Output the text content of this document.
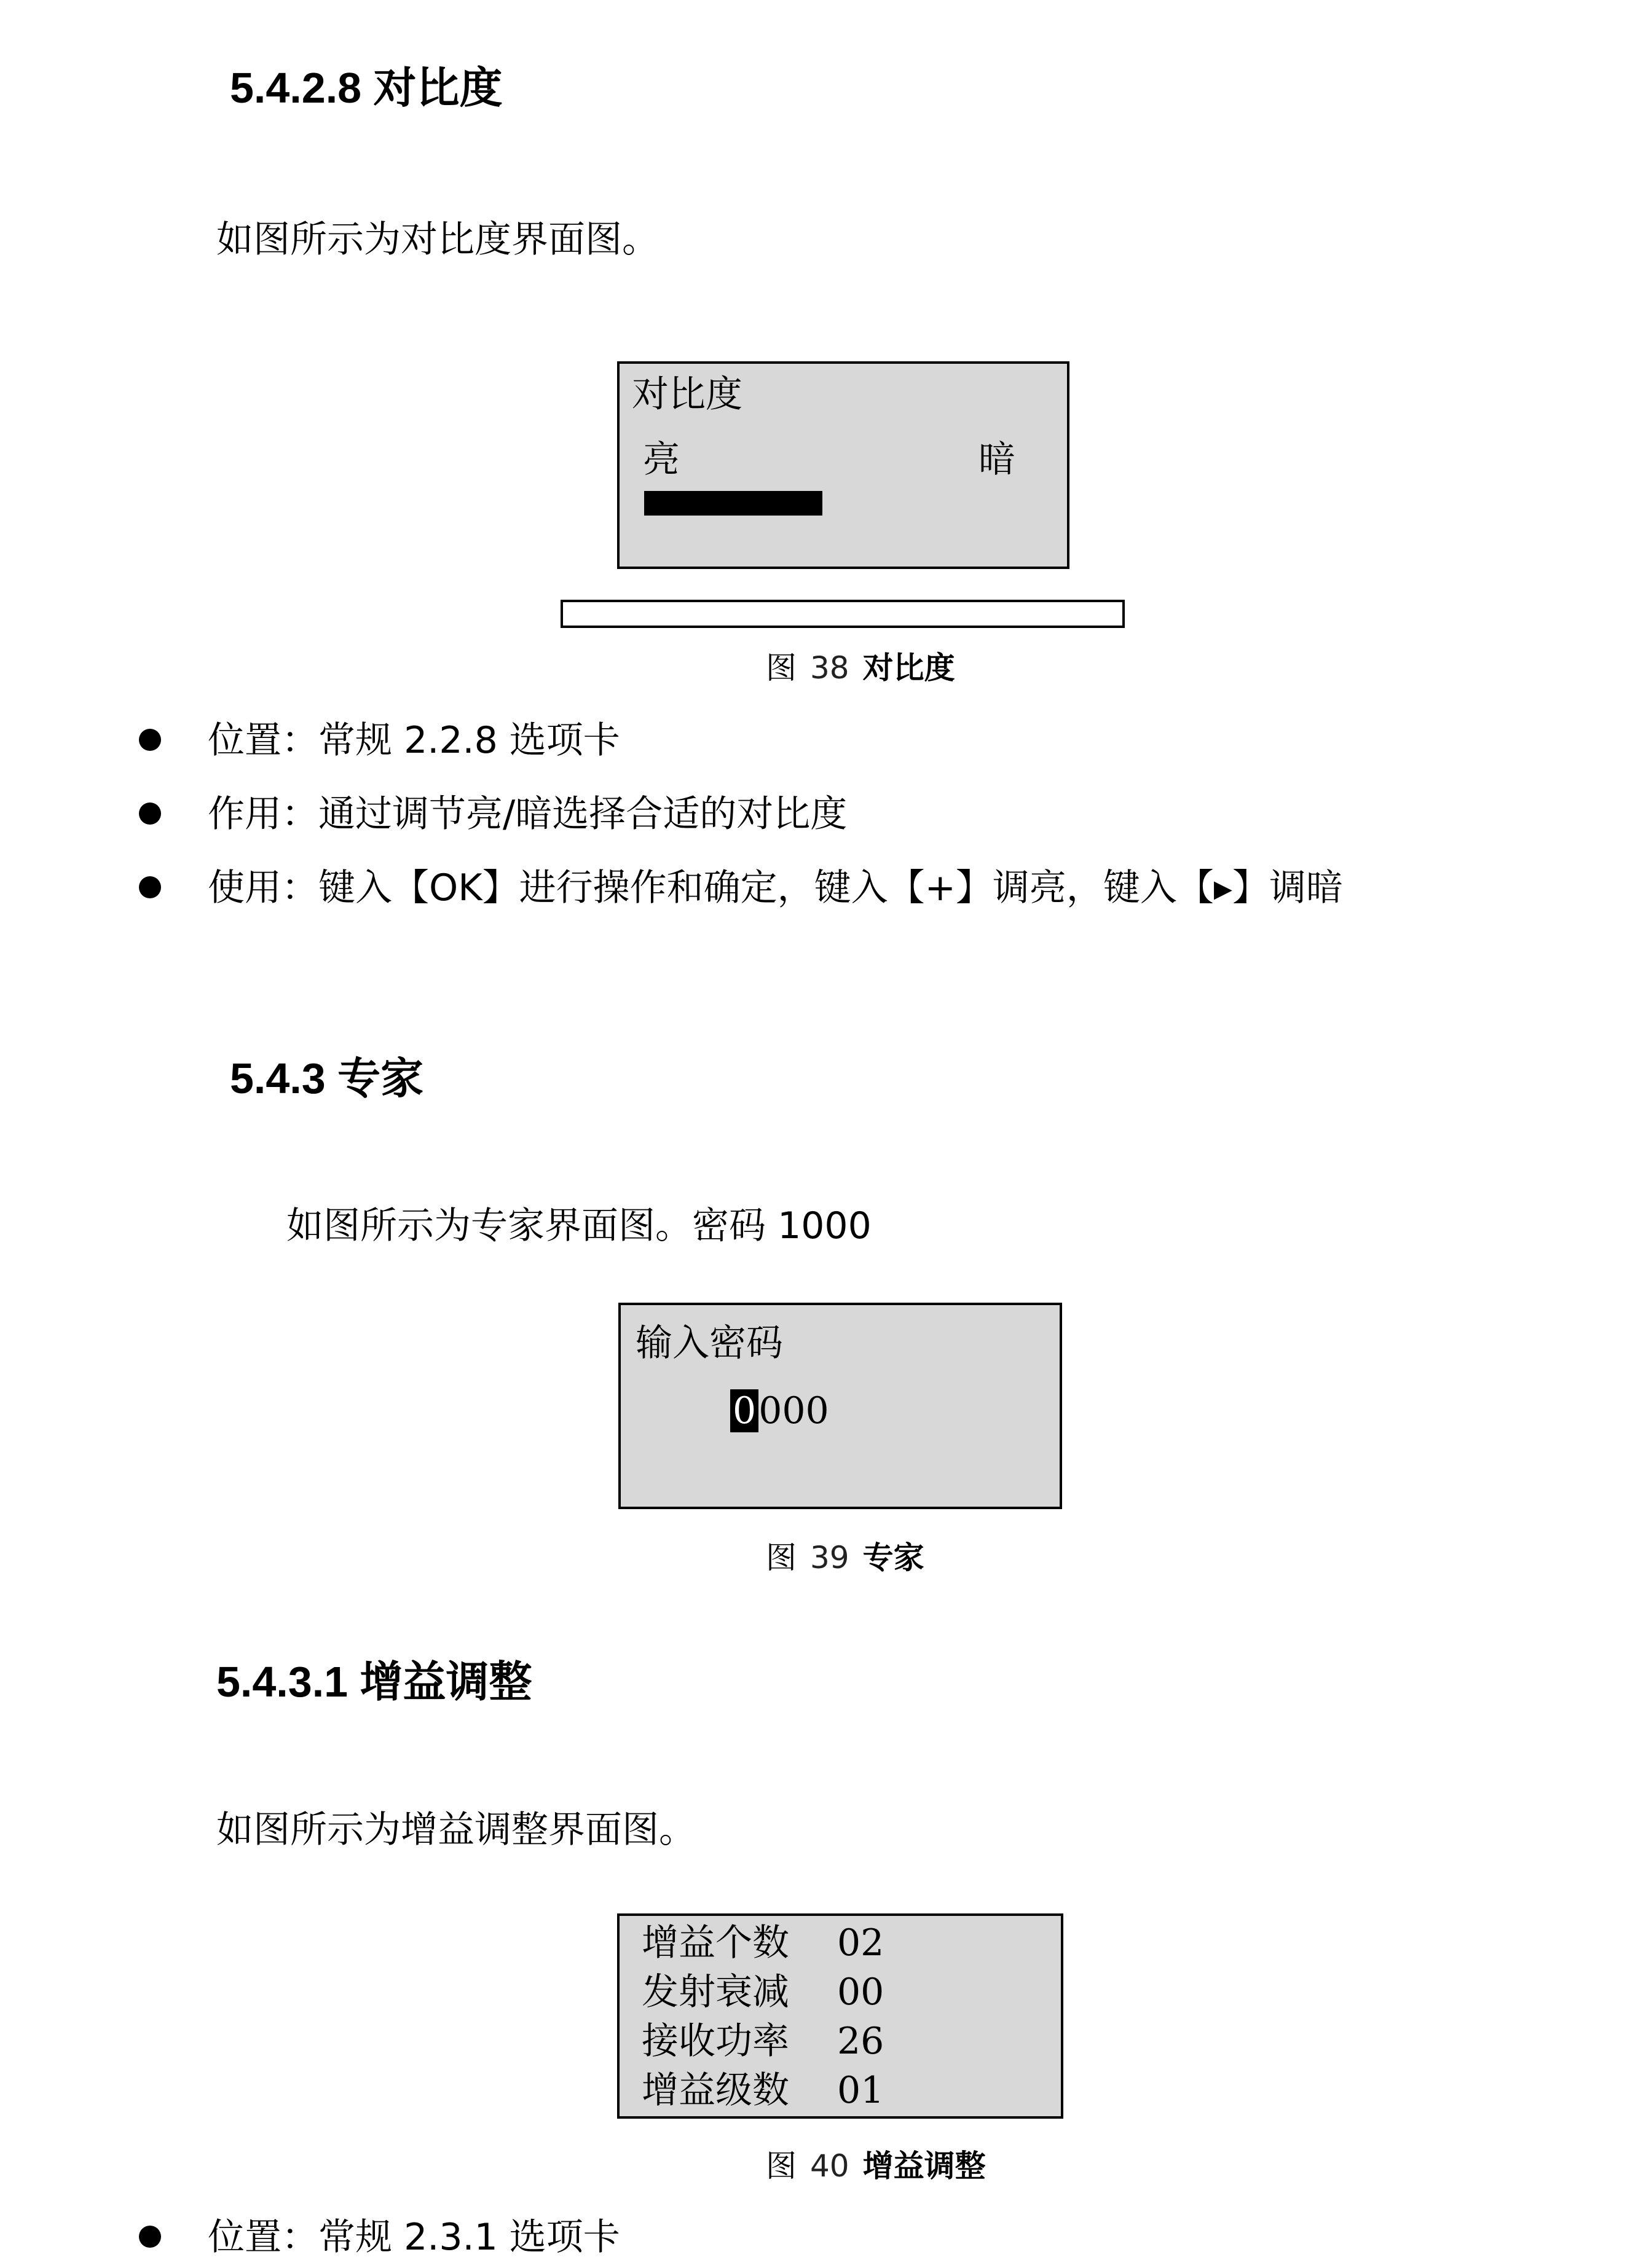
5.4.2.8 对比度
如图所示为对比度界面图。
对比度
亮	暗
图 38 对比度
位置：常规 2.2.8 选项卡
作用：通过调节亮/暗选择合适的对比度
使用：键入【OK】进行操作和确定，键入【+】调亮，键入【▸】调暗
5.4.3 专家
如图所示为专家界面图。密码 1000
输入密码
0000
图 39 专家
5.4.3.1 增益调整
如图所示为增益调整界面图。
增益个数 02
发射衰减 00
接收功率 26
增益级数 01
图 40 增益调整
位置：常规 2.3.1 选项卡
